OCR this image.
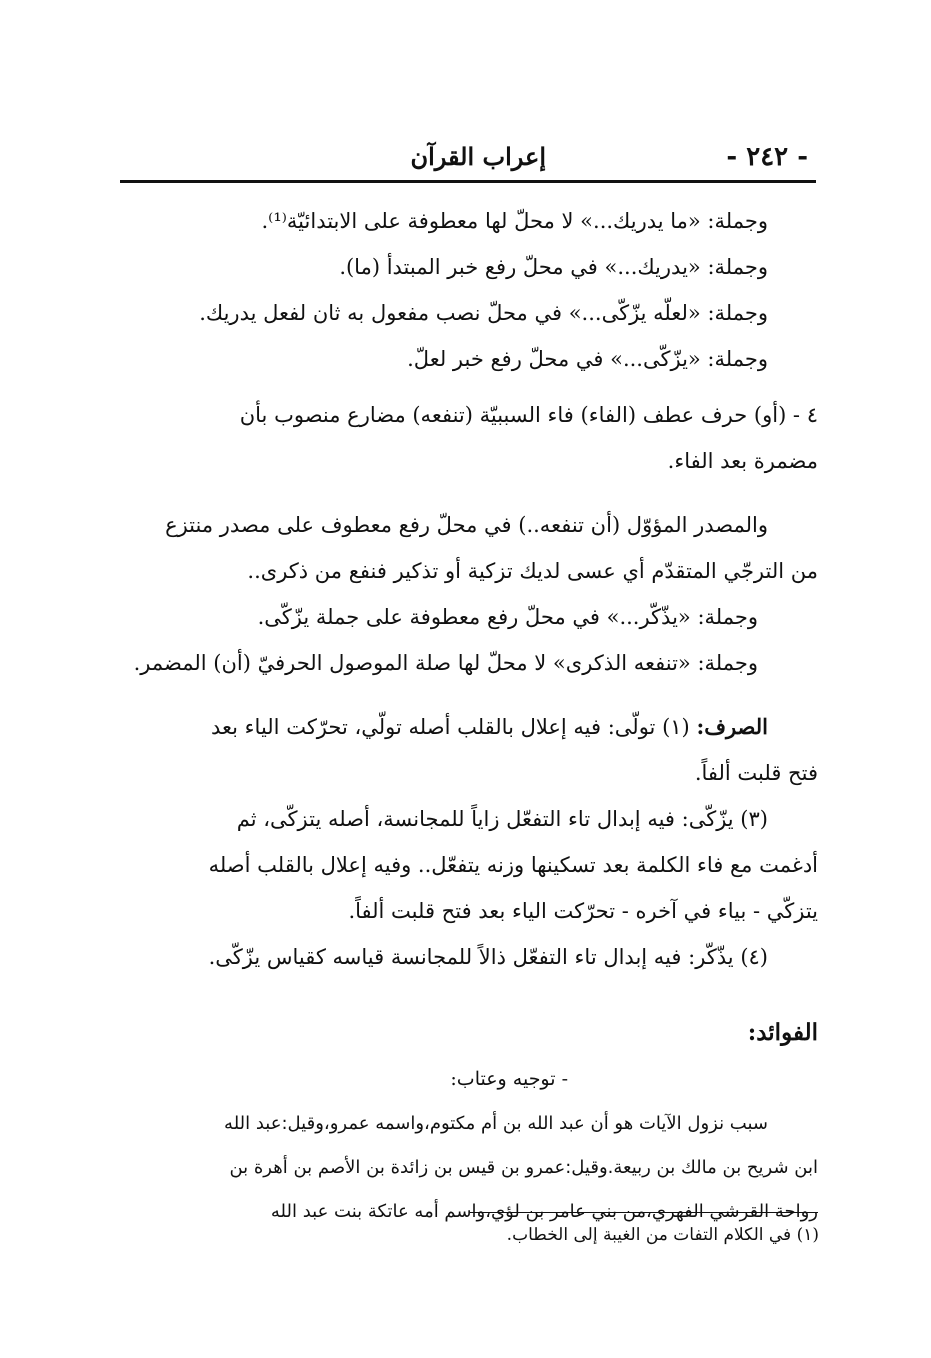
- ٢٤٢ -
إعراب القرآن
وجملة: «ما يدريك...» لا محلّ لها معطوفة على الابتدائيّة⁽¹⁾.
وجملة: «يدريك...» في محلّ رفع خبر المبتدأ (ما).
وجملة: «لعلّه يزّكّى...» في محلّ نصب مفعول به ثان لفعل يدريك.
وجملة: «يزّكّى...» في محلّ رفع خبر لعلّ.
٤ - (أو) حرف عطف (الفاء) فاء السببيّة (تنفعه) مضارع منصوب بأن
مضمرة بعد الفاء.
والمصدر المؤوّل (أن تنفعه..) في محلّ رفع معطوف على مصدر منتزع
من الترجّي المتقدّم أي عسى لديك تزكية أو تذكير فنفع من ذكرى..
وجملة: «يذّكّر...» في محلّ رفع معطوفة على جملة يزّكّى.
وجملة: «تنفعه الذكرى» لا محلّ لها صلة الموصول الحرفيّ (أن) المضمر.
الصرف: (١) تولّى: فيه إعلال بالقلب أصله تولّي، تحرّكت الياء بعد
فتح قلبت ألفاً.
(٣) يزّكّى: فيه إبدال تاء التفعّل زاياً للمجانسة، أصله يتزكّى، ثم
أدغمت مع فاء الكلمة بعد تسكينها وزنه يتفعّل.. وفيه إعلال بالقلب أصله
يتزكّي - بياء في آخره - تحرّكت الياء بعد فتح قلبت ألفاً.
(٤) يذّكّر: فيه إبدال تاء التفعّل ذالاً للمجانسة قياسه كقياس يزّكّى.
الفوائد:
- توجيه وعتاب:
سبب نزول الآيات هو أن عبد الله بن أم مكتوم،واسمه عمرو،وقيل:عبد الله
ابن شريح بن مالك بن ربيعة.وقيل:عمرو بن قيس بن زائدة بن الأصم بن أهرة بن
رواحة القرشي الفهري،من بني عامر بن لؤي،واسم أمه عاتكة بنت عبد الله
(١) في الكلام التفات من الغيبة إلى الخطاب.
